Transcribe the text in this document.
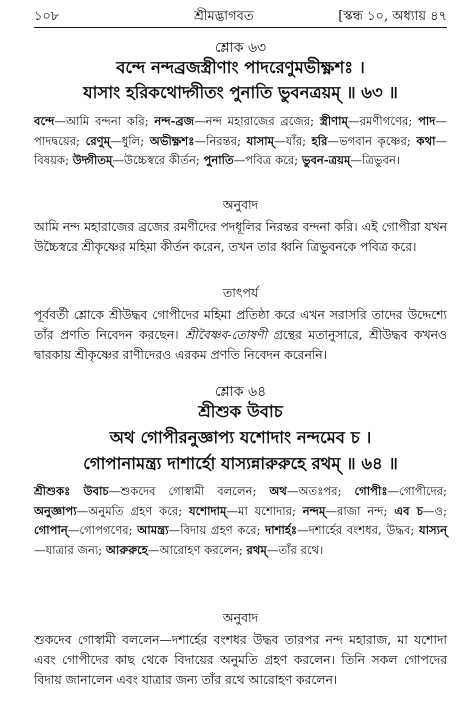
১০৮	শ্রীমদ্ভাগবত	[স্কন্ধ ১০, অধ্যায় ৪৭
শ্লোক ৬৩
বন্দে নন্দব্রজস্ত্রীণাং পাদরেণুমভীক্ষ্ণশঃ ।
যাসাং হরিকথোদ্গীতং পুনাতি ভুবনত্রয়ম্ ॥ ৬৩ ॥
বন্দে—আমি বন্দনা করি; নন্দ-ব্রজ—নন্দ মহারাজের ব্রজের; স্ত্রীণাম্—রমণীগণের; পাদ—পাদদ্বয়ের; রেণুম্—ধুলি; অভীক্ষ্ণশঃ—নিরন্তর; যাসাম্—যাঁর; হরি—ভগবান কৃষ্ণের; কথা—বিষয়ক; উদ্গীতম্—উচ্চেস্বরে কীর্তন; পুনাতি—পবিত্র করে; ভুবন-ত্রয়ম্—ত্রিভুবন।
অনুবাদ
আমি নন্দ মহারাজের ব্রজের রমণীদের পদধূলির নিরন্তর বন্দনা করি। এই গোপীরা যখন উচ্চৈস্বরে শ্রীকৃষ্ণের মহিমা কীর্তন করেন, তখন তার ধ্বনি ত্রিভুবনকে পবিত্র করে।
তাৎপর্য
পূর্ববর্তী শ্লোকে শ্রীউদ্ধব গোপীদের মহিমা প্রতিষ্ঠা করে এখন সরাসরি তাদের উদ্দেশ্যে তাঁর প্রণতি নিবেদন করছেন। শ্রীবৈষ্ণব-তোষণী গ্রন্থের মতানুসারে, শ্রীউদ্ধব কখনও দ্বারকায় শ্রীকৃষ্ণের রাণীদেরও এরকম প্রণতি নিবেদন করেননি।
শ্লোক ৬৪
শ্রীশুক উবাচ
অথ গোপীরনুজ্ঞাপ্য যশোদাং নন্দমেব চ ।
গোপানামন্ত্র্য দাশার্হো যাস্যন্নারুরুহে রথম্ ॥ ৬৪ ॥
শ্রীশুকঃ উবাচ—শুকদেব গোস্বামী বললেন; অথ—অতঃপর; গোপীঃ—গোপীদের; অনুজ্ঞাপ্য—অনুমতি গ্রহণ করে; যশোদাম্—মা যশোদার; নন্দম্—রাজা নন্দ; এব চ—ও; গোপান্—গোপগণের; আমন্ত্র্য—বিদায় গ্রহণ করে; দাশার্হঃ—দশার্হের বংশধর, উদ্ধব; যাস্যন্—যাত্রার জন্য; আরুরুহে—আরোহণ করলেন; রথম্—তাঁর রথে।
অনুবাদ
শুকদেব গোস্বামী বললেন—দশার্হের বংশধর উদ্ধব তারপর নন্দ মহারাজ, মা যশোদা এবং গোপীদের কাছ থেকে বিদায়ের অনুমতি গ্রহণ করলেন। তিনি সকল গোপদের বিদায় জানালেন এবং যাত্রার জন্য তাঁর রথে আরোহণ করলেন।
